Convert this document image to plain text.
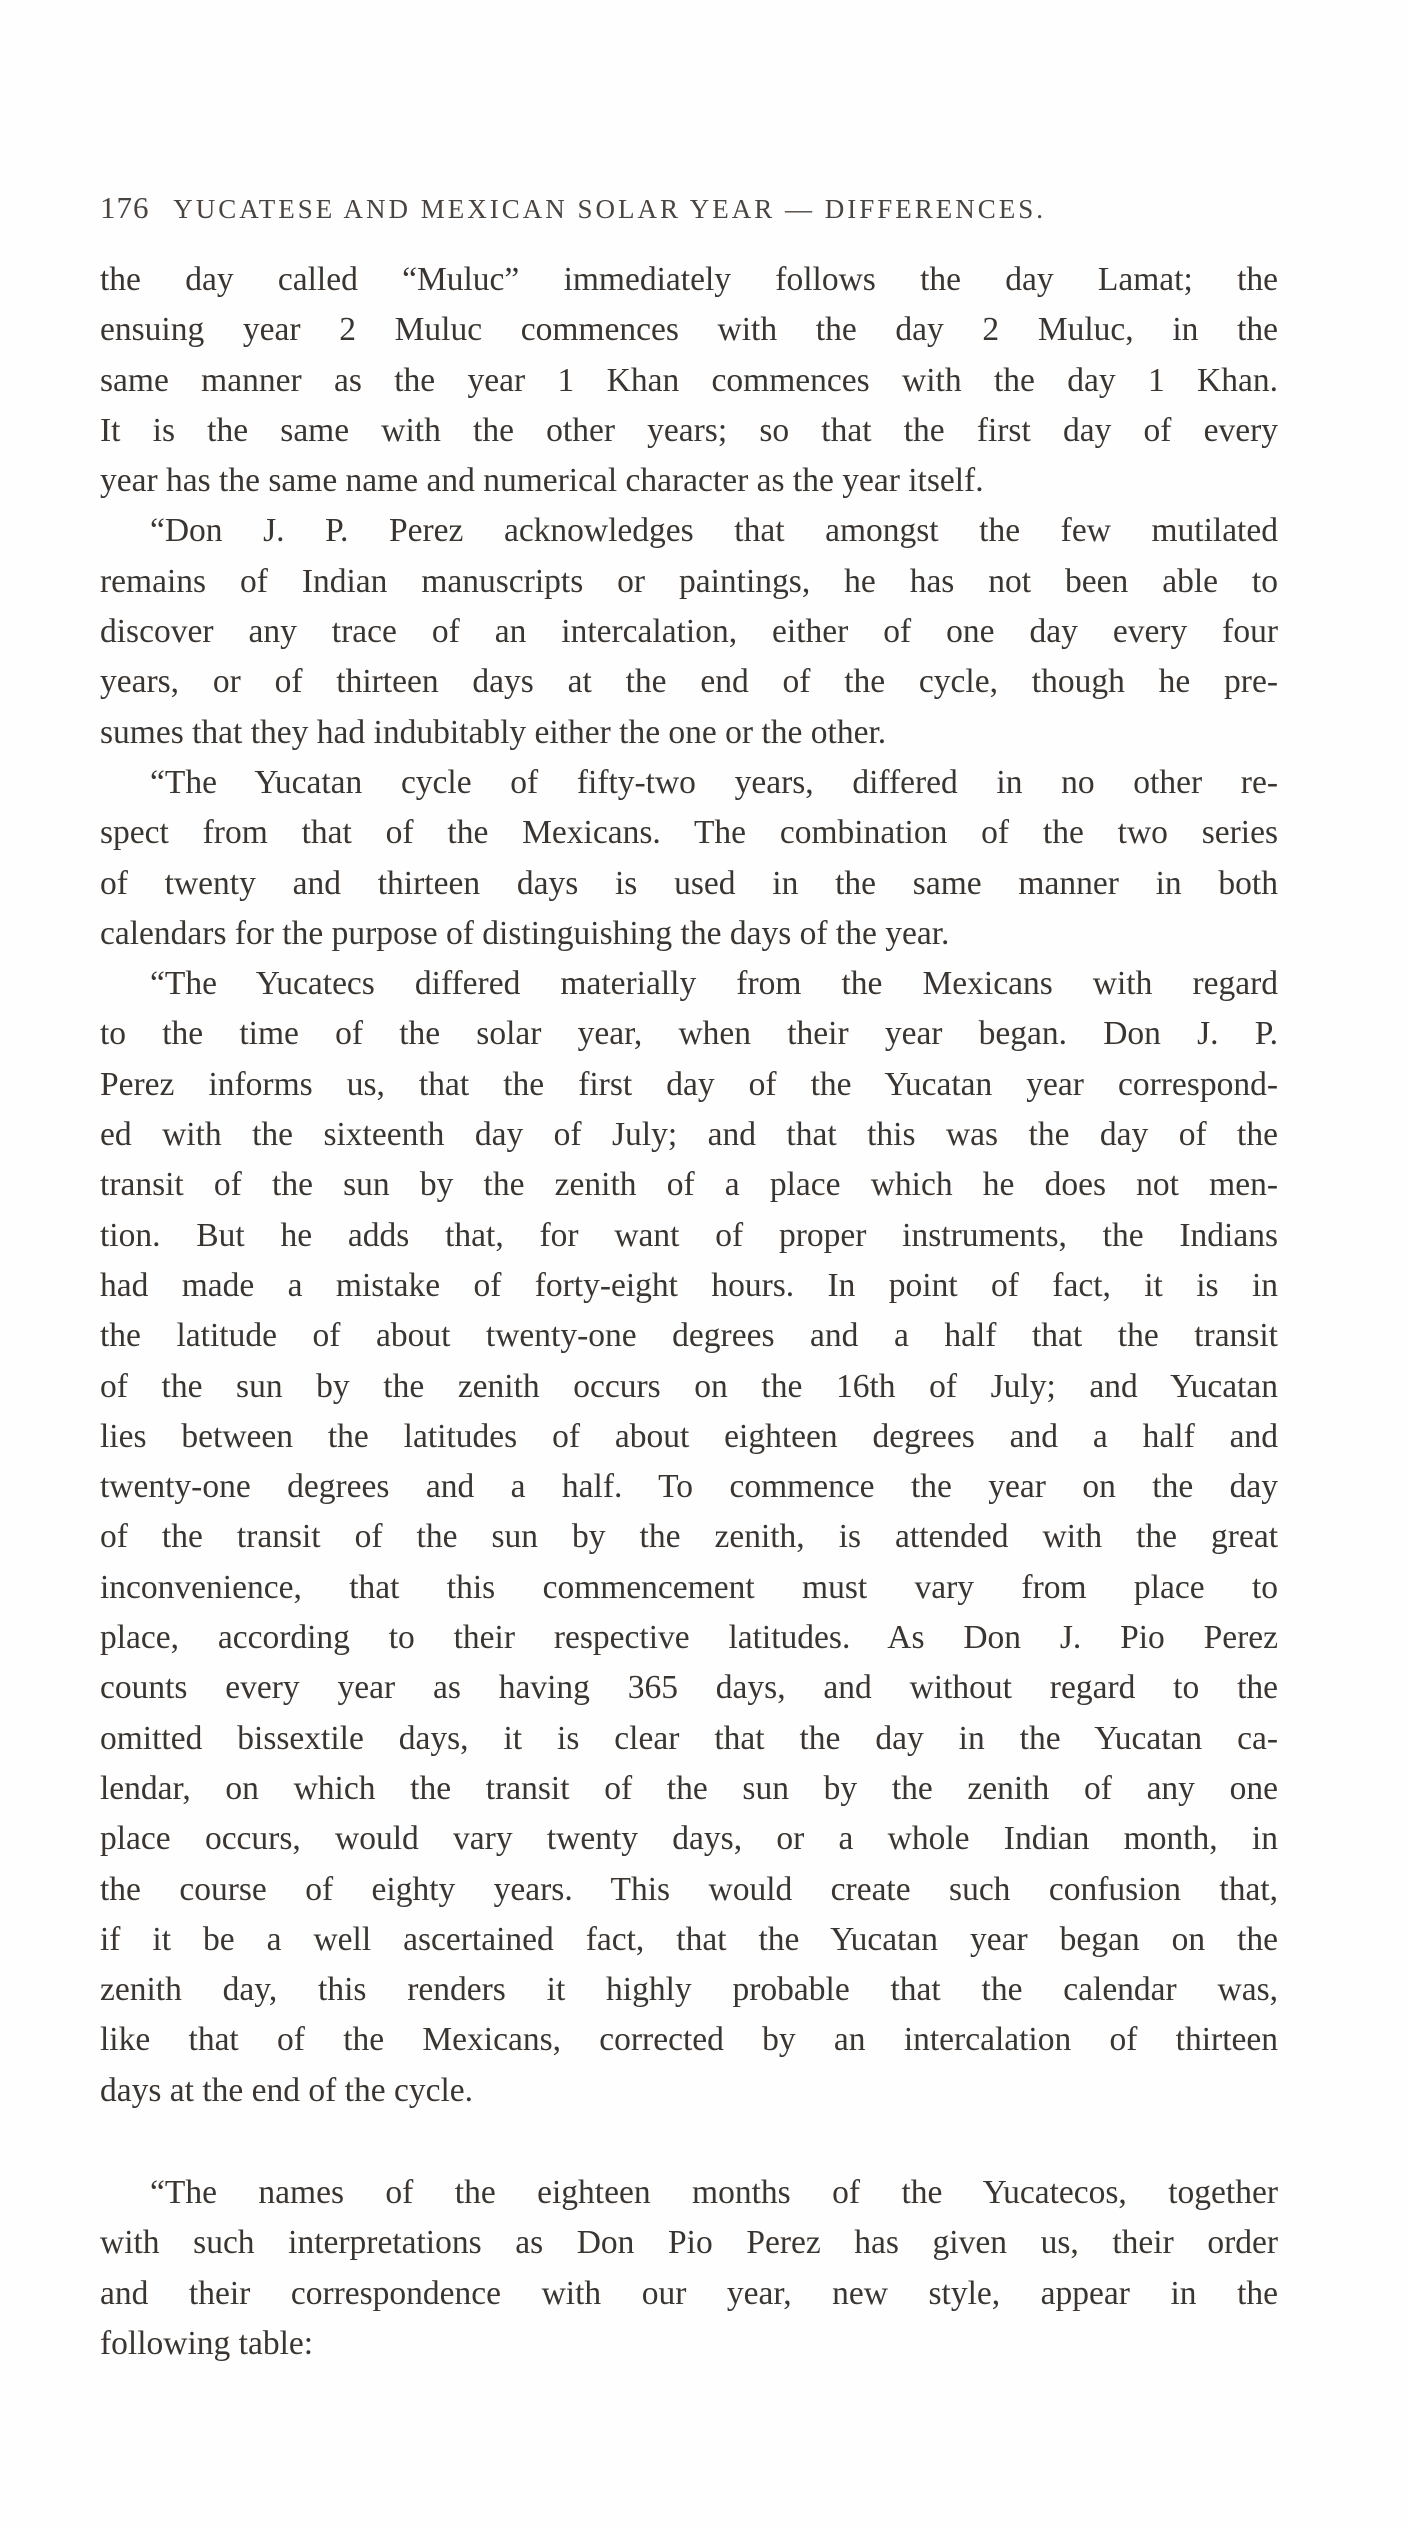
176 YUCATESE AND MEXICAN SOLAR YEAR — DIFFERENCES.
the day called “Muluc” immediately follows the day Lamat; the
ensuing year 2 Muluc commences with the day 2 Muluc, in the
same manner as the year 1 Khan commences with the day 1 Khan.
It is the same with the other years; so that the first day of every
year has the same name and numerical character as the year itself.
“Don J. P. Perez acknowledges that amongst the few mutilated
remains of Indian manuscripts or paintings, he has not been able to
discover any trace of an intercalation, either of one day every four
years, or of thirteen days at the end of the cycle, though he pre-
sumes that they had indubitably either the one or the other.
“The Yucatan cycle of fifty-two years, differed in no other re-
spect from that of the Mexicans. The combination of the two series
of twenty and thirteen days is used in the same manner in both
calendars for the purpose of distinguishing the days of the year.
“The Yucatecs differed materially from the Mexicans with regard
to the time of the solar year, when their year began. Don J. P.
Perez informs us, that the first day of the Yucatan year correspond-
ed with the sixteenth day of July; and that this was the day of the
transit of the sun by the zenith of a place which he does not men-
tion. But he adds that, for want of proper instruments, the Indians
had made a mistake of forty-eight hours. In point of fact, it is in
the latitude of about twenty-one degrees and a half that the transit
of the sun by the zenith occurs on the 16th of July; and Yucatan
lies between the latitudes of about eighteen degrees and a half and
twenty-one degrees and a half. To commence the year on the day
of the transit of the sun by the zenith, is attended with the great
inconvenience, that this commencement must vary from place to
place, according to their respective latitudes. As Don J. Pio Perez
counts every year as having 365 days, and without regard to the
omitted bissextile days, it is clear that the day in the Yucatan ca-
lendar, on which the transit of the sun by the zenith of any one
place occurs, would vary twenty days, or a whole Indian month, in
the course of eighty years. This would create such confusion that,
if it be a well ascertained fact, that the Yucatan year began on the
zenith day, this renders it highly probable that the calendar was,
like that of the Mexicans, corrected by an intercalation of thirteen
days at the end of the cycle.
“The names of the eighteen months of the Yucatecos, together
with such interpretations as Don Pio Perez has given us, their order
and their correspondence with our year, new style, appear in the
following table:
